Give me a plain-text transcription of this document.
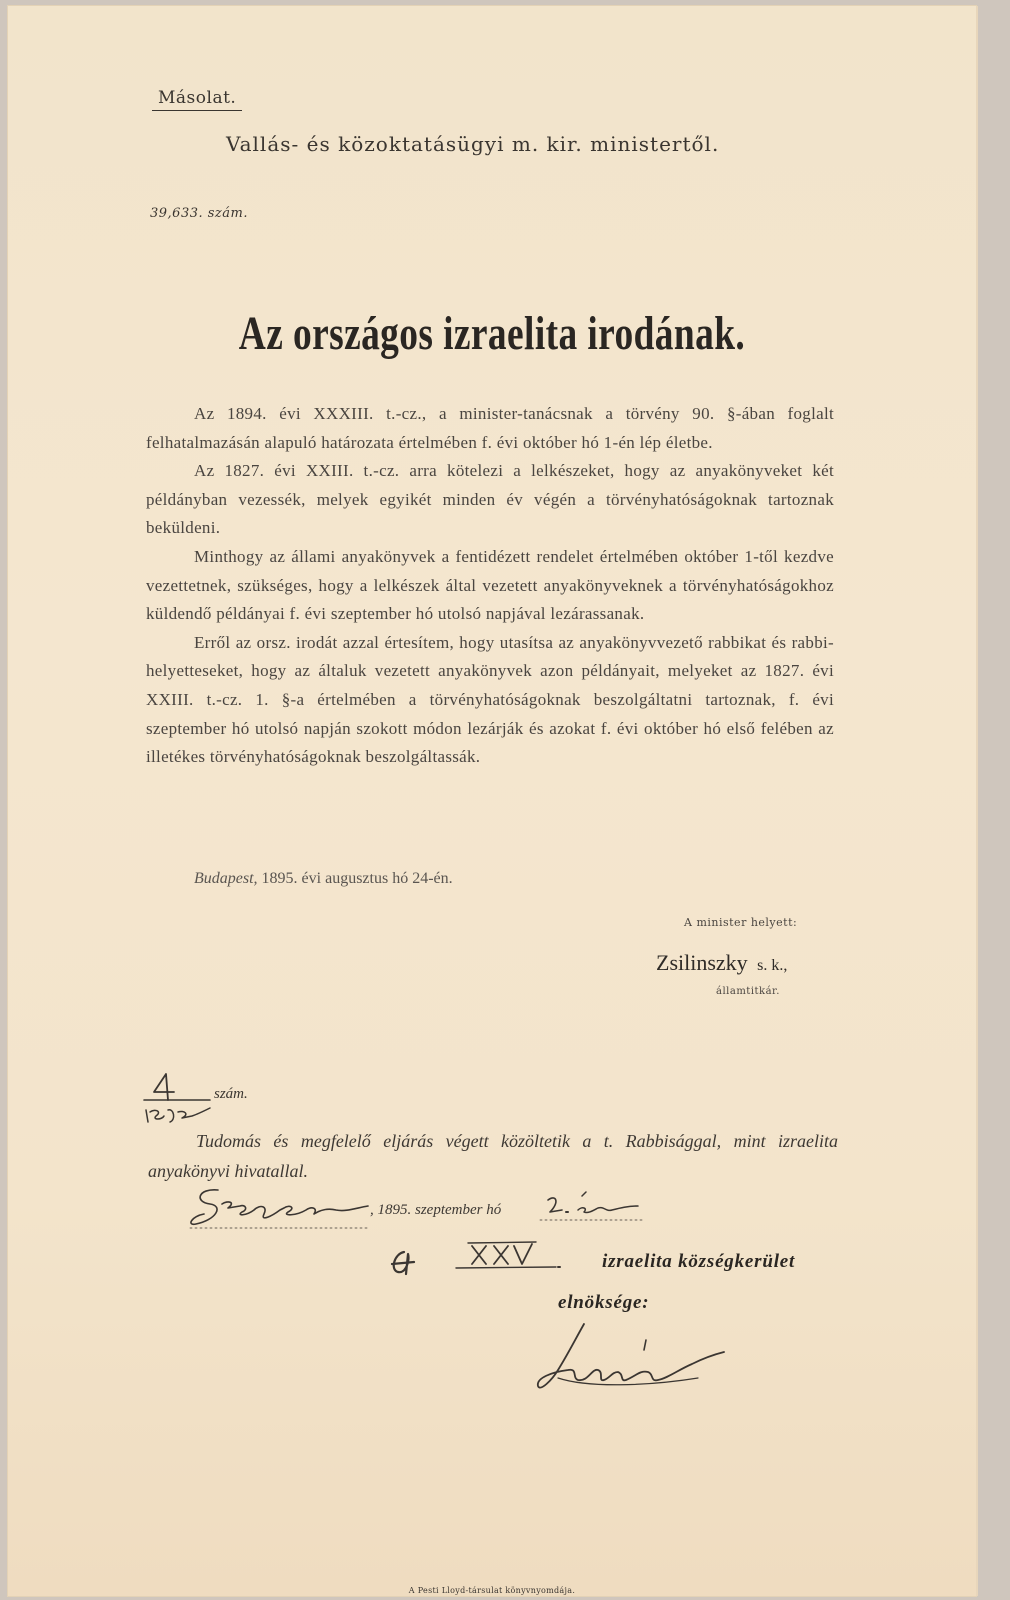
Másolat.
Vallás- és közoktatásügyi m. kir. ministertől.
39,633. szám.
Az országos izraelita irodának.

Az 1894. évi XXXIII. t.-cz., a minister-tanácsnak a törvény 90. §-ában foglalt felhatalmazásán alapuló határozata értelmében f. évi október hó 1-én lép életbe.

Az 1827. évi XXIII. t.-cz. arra kötelezi a lelkészeket, hogy az anyakönyveket két példányban vezessék, melyek egyikét minden év végén a törvényhatóságoknak tartoznak beküldeni.

Minthogy az állami anyakönyvek a fentidézett rendelet értelmében október 1-től kezdve vezettetnek, szükséges, hogy a lelkészek által vezetett anyakönyveknek a törvényhatóságokhoz küldendő példányai f. évi szeptember hó utolsó napjával lezárassanak.

Erről az orsz. irodát azzal értesítem, hogy utasítsa az anyakönyvvezető rabbikat és rabbi-helyetteseket, hogy az általuk vezetett anyakönyvek azon példányait, melyeket az 1827. évi XXIII. t.-cz. 1. §-a értelmében a törvényhatóságoknak beszolgáltatni tartoznak, f. évi szeptember hó utolsó napján szokott módon lezárják és azokat f. évi október hó első felében az illetékes törvényhatóságoknak beszolgáltassák.

Budapest, 1895. évi augusztus hó 24-én.
A minister helyett:
Zsilinszky s. k.,
államtitkár.
szám.

Tudomás és megfelelő eljárás végett közöltetik a t. Rabbisággal, mint izraelita anyakönyvi hivatallal.

, 1895. szeptember hó
izraelita községkerület
elnöksége:
A Pesti Lloyd-társulat könyvnyomdája.
